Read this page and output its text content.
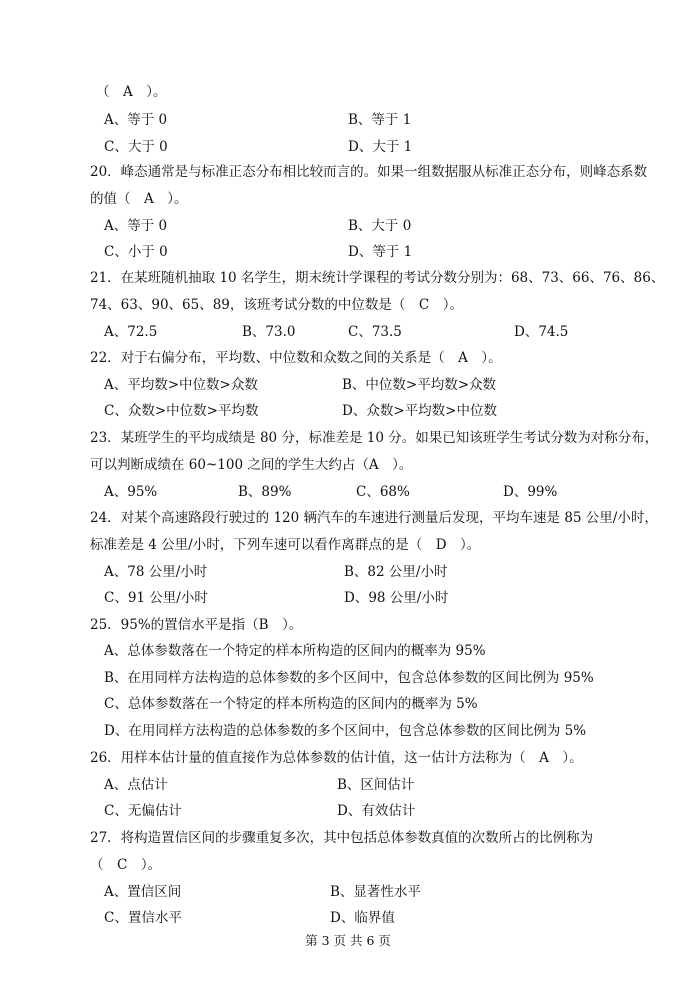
（　A　）。
A、等于 0	B、等于 1
C、大于 0	D、大于 1
20．峰态通常是与标准正态分布相比较而言的。如果一组数据服从标准正态分布，则峰态系数
的值（　A　）。
A、等于 0	B、大于 0
C、小于 0	D、等于 1
21．在某班随机抽取 10 名学生，期末统计学课程的考试分数分别为：68、73、66、76、86、
74、63、90、65、89，该班考试分数的中位数是（　C　）。
A、72.5	B、73.0	C、73.5	D、74.5
22．对于右偏分布，平均数、中位数和众数之间的关系是（　A　）。
A、平均数>中位数>众数	B、中位数>平均数>众数
C、众数>中位数>平均数	D、众数>平均数>中位数
23．某班学生的平均成绩是 80 分，标准差是 10 分。如果已知该班学生考试分数为对称分布，
可以判断成绩在 60~100 之间的学生大约占（A　）。
A、95%	B、89%	C、68%	D、99%
24．对某个高速路段行驶过的 120 辆汽车的车速进行测量后发现，平均车速是 85 公里/小时，
标准差是 4 公里/小时，下列车速可以看作离群点的是（　D　）。
A、78 公里/小时	B、82 公里/小时
C、91 公里/小时	D、98 公里/小时
25．95%的置信水平是指（B　）。
A、总体参数落在一个特定的样本所构造的区间内的概率为 95%
B、在用同样方法构造的总体参数的多个区间中，包含总体参数的区间比例为 95%
C、总体参数落在一个特定的样本所构造的区间内的概率为 5%
D、在用同样方法构造的总体参数的多个区间中，包含总体参数的区间比例为 5%
26．用样本估计量的值直接作为总体参数的估计值，这一估计方法称为（　A　）。
A、点估计	B、区间估计
C、无偏估计	D、有效估计
27．将构造置信区间的步骤重复多次，其中包括总体参数真值的次数所占的比例称为
（　C　）。
A、置信区间	B、显著性水平
C、置信水平	D、临界值
第 3 页 共 6 页
